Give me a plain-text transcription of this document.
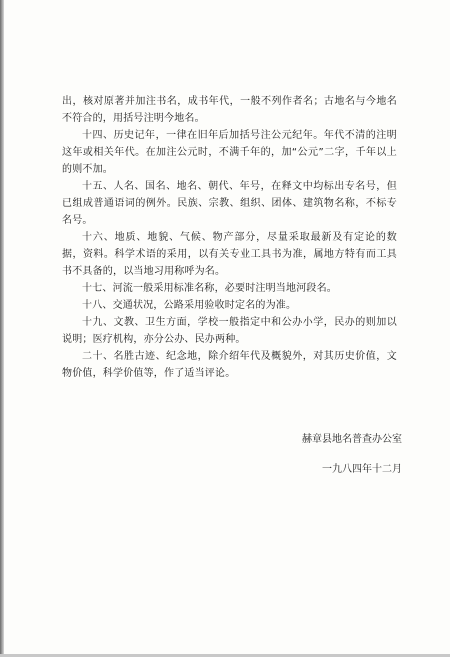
出，核对原著并加注书名，成书年代，一般不列作者名；古地名与今地名不符合的，用括号注明今地名。

十四、历史记年，一律在旧年后加括号注公元纪年。年代不清的注明这年或相关年代。在加注公元时，不满千年的，加“公元”二字，千年以上的则不加。

十五、人名、国名、地名、朝代、年号，在释文中均标出专名号，但已组成普通语词的例外。民族、宗教、组织、团体、建筑物名称，不标专名号。

十六、地质、地貌、气候、物产部分，尽量采取最新及有定论的数据，资料。科学术语的采用，以有关专业工具书为准，属地方特有而工具书不具备的，以当地习用称呼为名。

十七、河流一般采用标准名称，必要时注明当地河段名。

十八、交通状况，公路采用验收时定名的为准。

十九、文教、卫生方面，学校一般指定中和公办小学，民办的则加以说明；医疗机构，亦分公办、民办两种。

二十、名胜古迹、纪念地，除介绍年代及概貌外，对其历史价值，文物价值，科学价值等，作了适当评论。

赫章县地名普查办公室
一九八四年十二月
